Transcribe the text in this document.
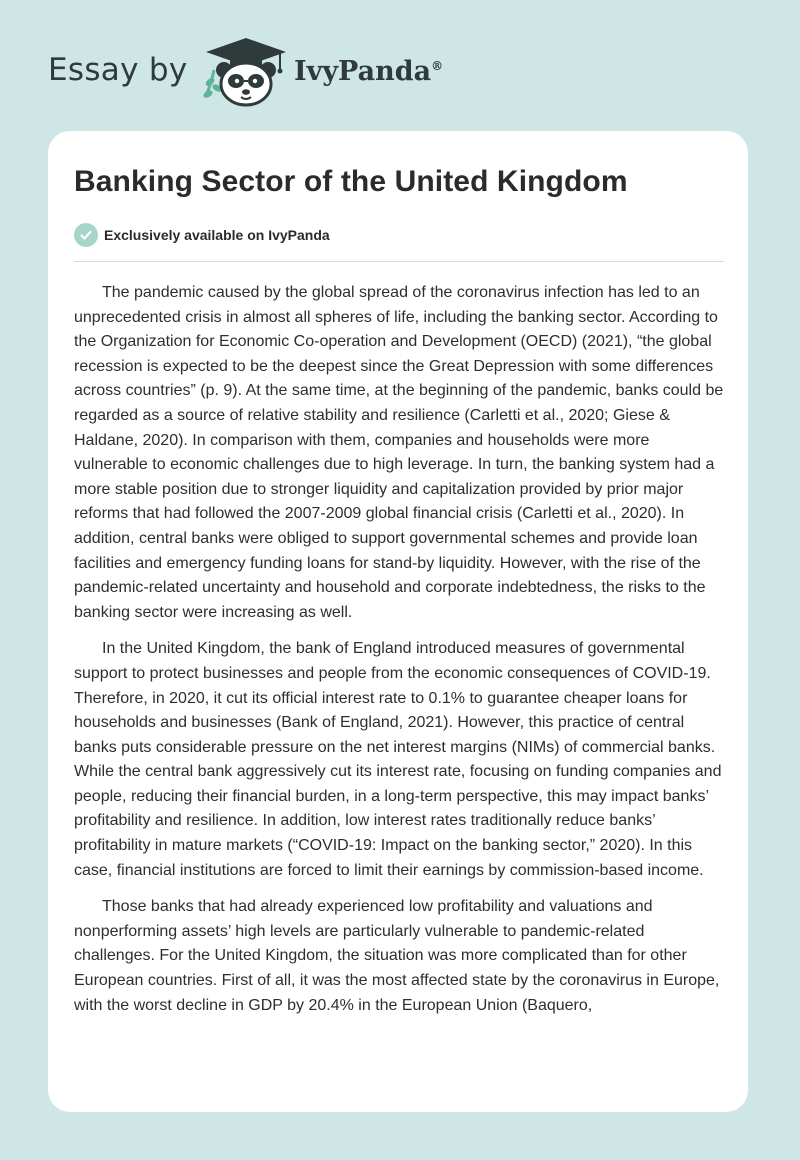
Essay by	IvyPanda®
Banking Sector of the United Kingdom
Exclusively available on IvyPanda

The pandemic caused by the global spread of the coronavirus infection has led to an unprecedented crisis in almost all spheres of life, including the banking sector. According to the Organization for Economic Co-operation and Development (OECD) (2021), “the global recession is expected to be the deepest since the Great Depression with some differences across countries” (p. 9). At the same time, at the beginning of the pandemic, banks could be regarded as a source of relative stability and resilience (Carletti et al., 2020; Giese & Haldane, 2020). In comparison with them, companies and households were more vulnerable to economic challenges due to high leverage. In turn, the banking system had a more stable position due to stronger liquidity and capitalization provided by prior major reforms that had followed the 2007-2009 global financial crisis (Carletti et al., 2020). In addition, central banks were obliged to support governmental schemes and provide loan facilities and emergency funding loans for stand-by liquidity. However, with the rise of the pandemic-related uncertainty and household and corporate indebtedness, the risks to the banking sector were increasing as well.

In the United Kingdom, the bank of England introduced measures of governmental support to protect businesses and people from the economic consequences of COVID-19. Therefore, in 2020, it cut its official interest rate to 0.1% to guarantee cheaper loans for households and businesses (Bank of England, 2021). However, this practice of central banks puts considerable pressure on the net interest margins (NIMs) of commercial banks. While the central bank aggressively cut its interest rate, focusing on funding companies and people, reducing their financial burden, in a long-term perspective, this may impact banks’ profitability and resilience. In addition, low interest rates traditionally reduce banks’ profitability in mature markets (“COVID-19: Impact on the banking sector,” 2020). In this case, financial institutions are forced to limit their earnings by commission-based income.

Those banks that had already experienced low profitability and valuations and nonperforming assets’ high levels are particularly vulnerable to pandemic-related challenges. For the United Kingdom, the situation was more complicated than for other European countries. First of all, it was the most affected state by the coronavirus in Europe, with the worst decline in GDP by 20.4% in the European Union (Baquero,
